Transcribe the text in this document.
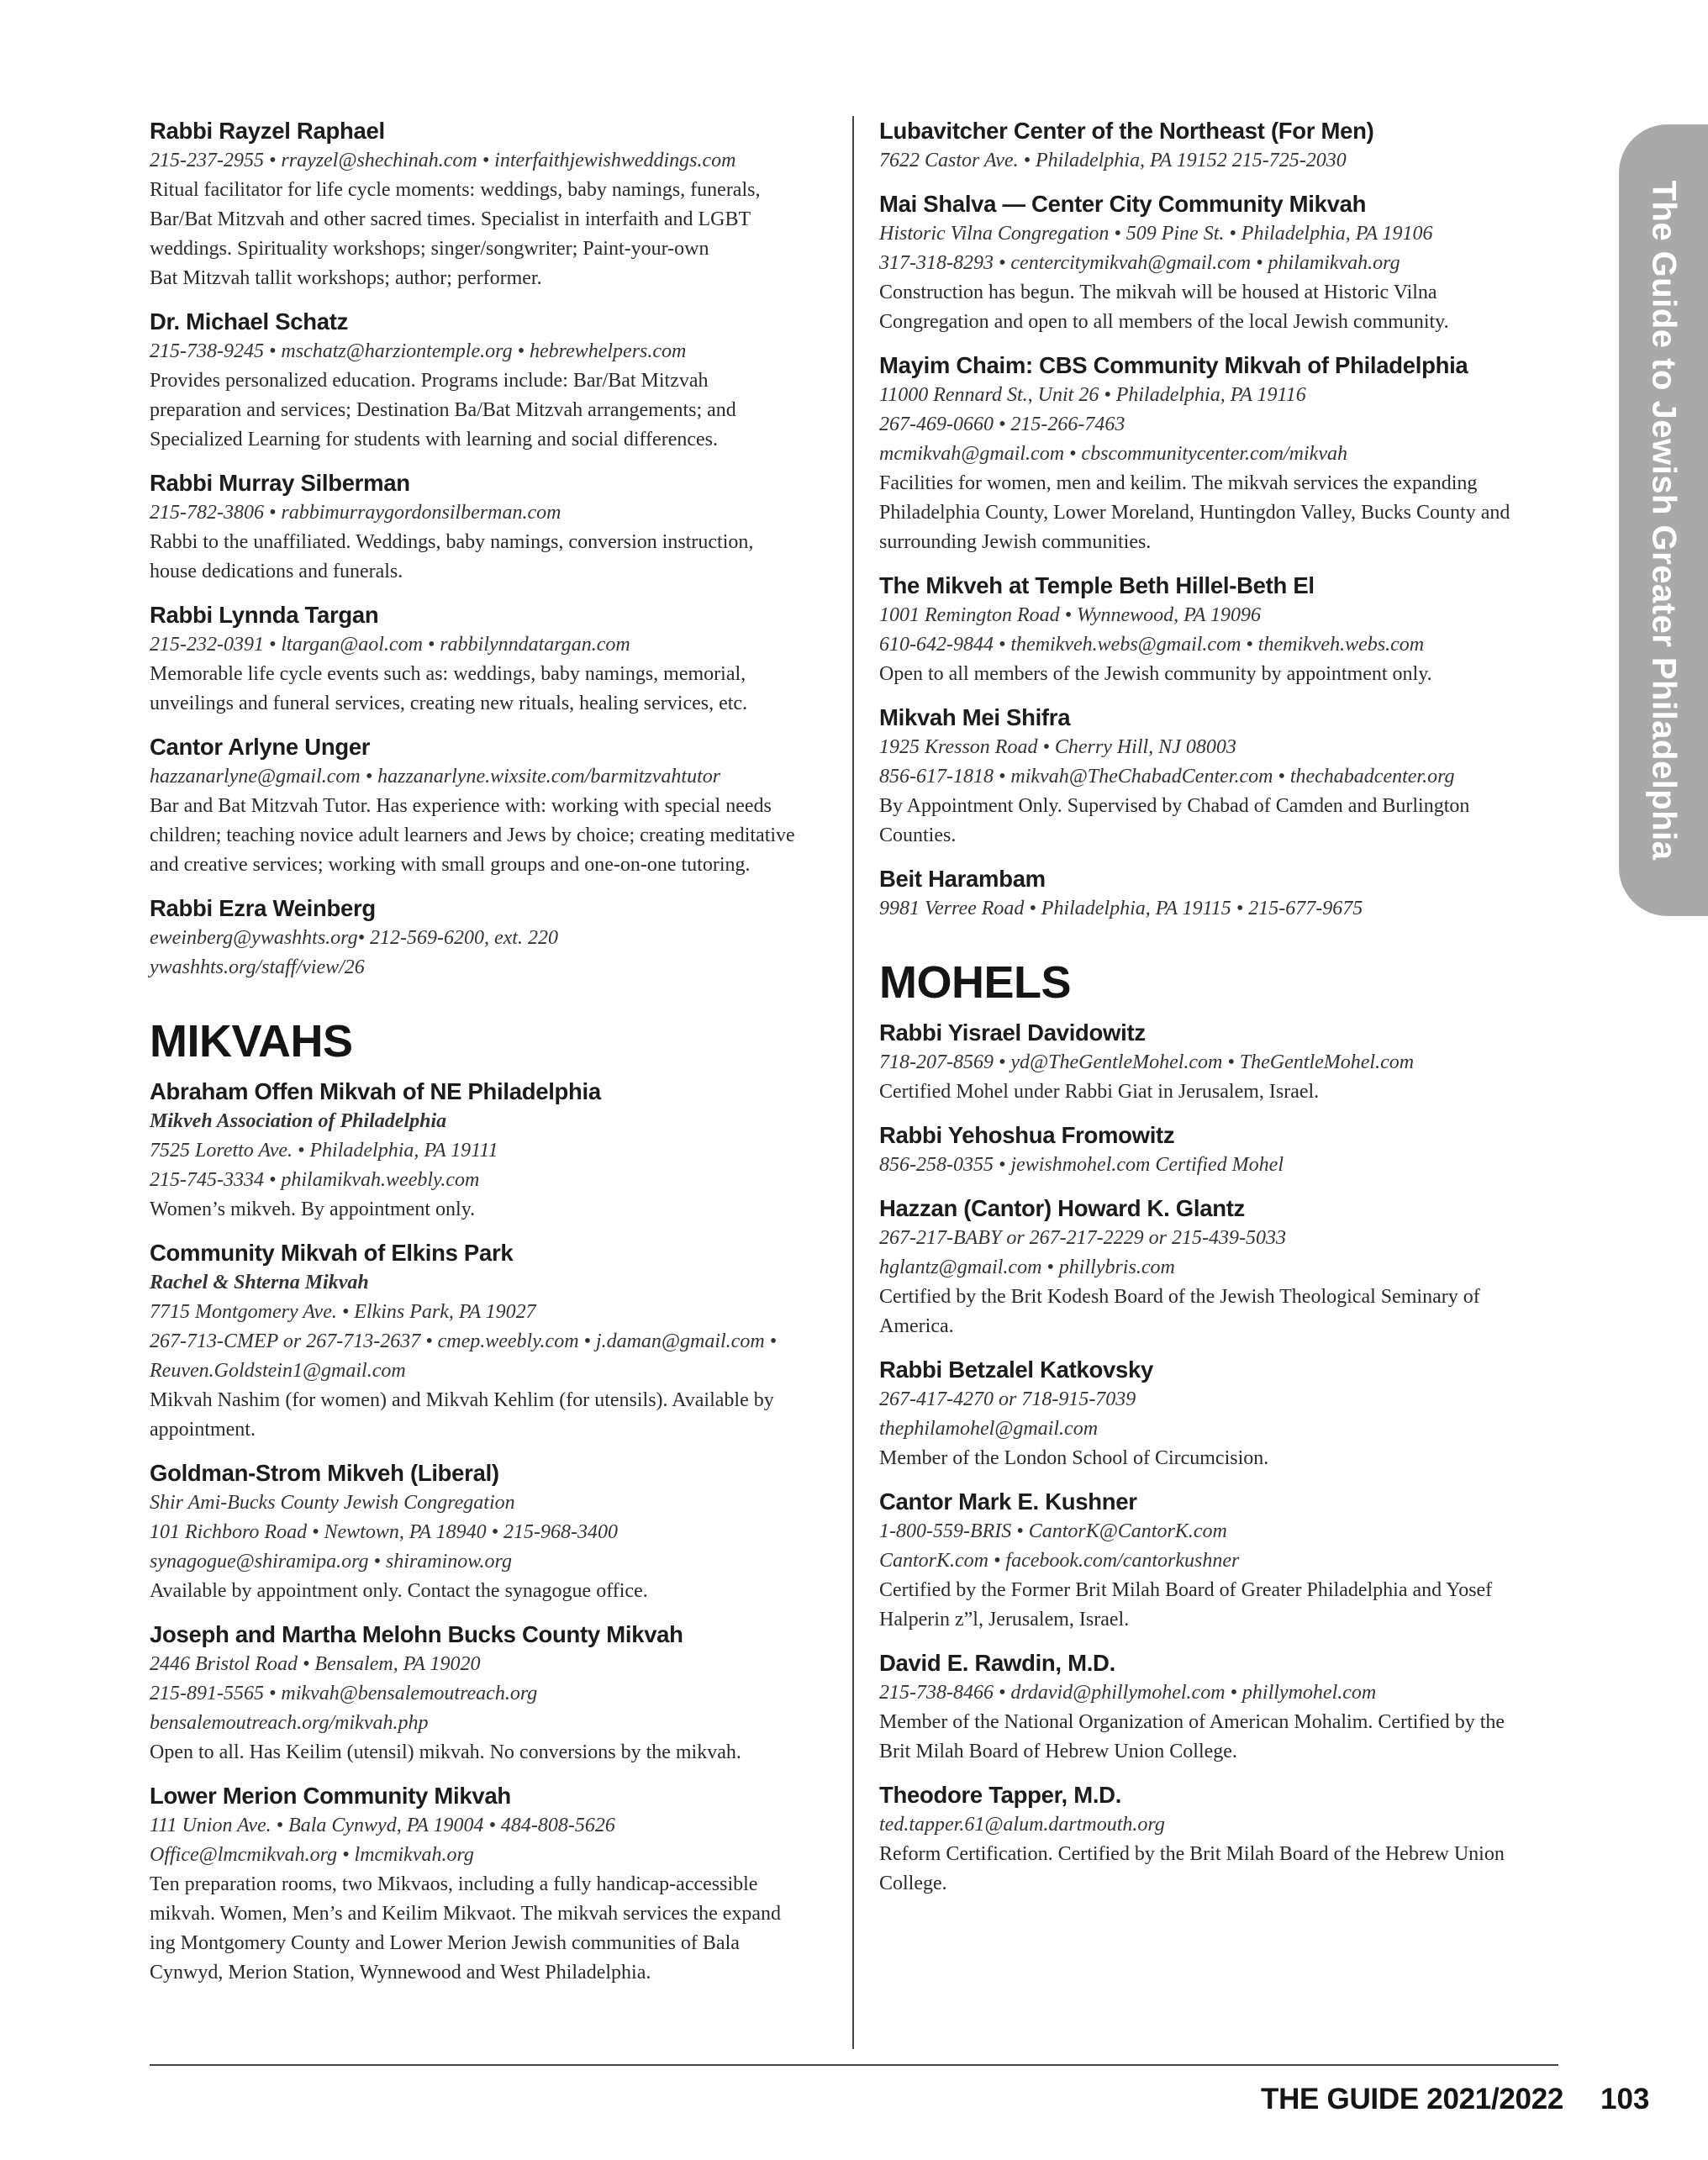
Rabbi Rayzel Raphael
215-237-2955 • rrayzel@shechinah.com • interfaithjewishweddings.com
Ritual facilitator for life cycle moments: weddings, baby namings, funerals,
Bar/Bat Mitzvah and other sacred times. Specialist in interfaith and LGBT
weddings. Spirituality workshops; singer/songwriter; Paint-your-own
Bat Mitzvah tallit workshops; author; performer.
Dr. Michael Schatz
215-738-9245 • mschatz@harziontemple.org • hebrewhelpers.com
Provides personalized education. Programs include: Bar/Bat Mitzvah
preparation and services; Destination Ba/Bat Mitzvah arrangements; and
Specialized Learning for students with learning and social differences.
Rabbi Murray Silberman
215-782-3806 • rabbimurraygordonsilberman.com
Rabbi to the unaffiliated. Weddings, baby namings, conversion instruction,
house dedications and funerals.
Rabbi Lynnda Targan
215-232-0391 • ltargan@aol.com • rabbilynndatargan.com
Memorable life cycle events such as: weddings, baby namings, memorial,
unveilings and funeral services, creating new rituals, healing services, etc.
Cantor Arlyne Unger
hazzanarlyne@gmail.com • hazzanarlyne.wixsite.com/barmitzvahtutor
Bar and Bat Mitzvah Tutor. Has experience with: working with special needs
children; teaching novice adult learners and Jews by choice; creating meditative
and creative services; working with small groups and one-on-one tutoring.
Rabbi Ezra Weinberg
eweinberg@ywashhts.org• 212-569-6200, ext. 220
ywashhts.org/staff/view/26
MIKVAHS
Abraham Offen Mikvah of NE Philadelphia
Mikveh Association of Philadelphia
7525 Loretto Ave. • Philadelphia, PA 19111
215-745-3334 • philamikvah.weebly.com
Women’s mikveh. By appointment only.
Community Mikvah of Elkins Park
Rachel & Shterna Mikvah
7715 Montgomery Ave. • Elkins Park, PA 19027
267-713-CMEP or 267-713-2637 • cmep.weebly.com • j.daman@gmail.com •
Reuven.Goldstein1@gmail.com
Mikvah Nashim (for women) and Mikvah Kehlim (for utensils). Available by
appointment.
Goldman-Strom Mikveh (Liberal)
Shir Ami-Bucks County Jewish Congregation
101 Richboro Road • Newtown, PA 18940 • 215-968-3400
synagogue@shiramipa.org • shiraminow.org
Available by appointment only. Contact the synagogue office.
Joseph and Martha Melohn Bucks County Mikvah
2446 Bristol Road • Bensalem, PA 19020
215-891-5565 • mikvah@bensalemoutreach.org
bensalemoutreach.org/mikvah.php
Open to all. Has Keilim (utensil) mikvah. No conversions by the mikvah.
Lower Merion Community Mikvah
111 Union Ave. • Bala Cynwyd, PA 19004 • 484-808-5626
Office@lmcmikvah.org • lmcmikvah.org
Ten preparation rooms, two Mikvaos, including a fully handicap-accessible
mikvah. Women, Men’s and Keilim Mikvaot. The mikvah services the expand
ing Montgomery County and Lower Merion Jewish communities of Bala
Cynwyd, Merion Station, Wynnewood and West Philadelphia.
Lubavitcher Center of the Northeast (For Men)
7622 Castor Ave. • Philadelphia, PA 19152 215-725-2030
Mai Shalva — Center City Community Mikvah
Historic Vilna Congregation • 509 Pine St. • Philadelphia, PA 19106
317-318-8293 • centercitymikvah@gmail.com • philamikvah.org
Construction has begun. The mikvah will be housed at Historic Vilna
Congregation and open to all members of the local Jewish community.
Mayim Chaim: CBS Community Mikvah of Philadelphia
11000 Rennard St., Unit 26 • Philadelphia, PA 19116
267-469-0660 • 215-266-7463
mcmikvah@gmail.com • cbscommunitycenter.com/mikvah
Facilities for women, men and keilim. The mikvah services the expanding
Philadelphia County, Lower Moreland, Huntingdon Valley, Bucks County and
surrounding Jewish communities.
The Mikveh at Temple Beth Hillel-Beth El
1001 Remington Road • Wynnewood, PA 19096
610-642-9844 • themikveh.webs@gmail.com • themikveh.webs.com
Open to all members of the Jewish community by appointment only.
Mikvah Mei Shifra
1925 Kresson Road • Cherry Hill, NJ 08003
856-617-1818 • mikvah@TheChabadCenter.com • thechabadcenter.org
By Appointment Only. Supervised by Chabad of Camden and Burlington
Counties.
Beit Harambam
9981 Verree Road • Philadelphia, PA 19115 • 215-677-9675
MOHELS
Rabbi Yisrael Davidowitz
718-207-8569 • yd@TheGentleMohel.com • TheGentleMohel.com
Certified Mohel under Rabbi Giat in Jerusalem, Israel.
Rabbi Yehoshua Fromowitz
856-258-0355 • jewishmohel.com Certified Mohel
Hazzan (Cantor) Howard K. Glantz
267-217-BABY or 267-217-2229 or 215-439-5033
hglantz@gmail.com • phillybris.com
Certified by the Brit Kodesh Board of the Jewish Theological Seminary of
America.
Rabbi Betzalel Katkovsky
267-417-4270 or 718-915-7039
thephilamohel@gmail.com
Member of the London School of Circumcision.
Cantor Mark E. Kushner
1-800-559-BRIS • CantorK@CantorK.com
CantorK.com • facebook.com/cantorkushner
Certified by the Former Brit Milah Board of Greater Philadelphia and Yosef
Halperin z”l, Jerusalem, Israel.
David E. Rawdin, M.D.
215-738-8466 • drdavid@phillymohel.com • phillymohel.com
Member of the National Organization of American Mohalim. Certified by the
Brit Milah Board of Hebrew Union College.
Theodore Tapper, M.D.
ted.tapper.61@alum.dartmouth.org
Reform Certification. Certified by the Brit Milah Board of the Hebrew Union
College.
The Guide to Jewish Greater Philadelphia
THE GUIDE 2021/2022 103
